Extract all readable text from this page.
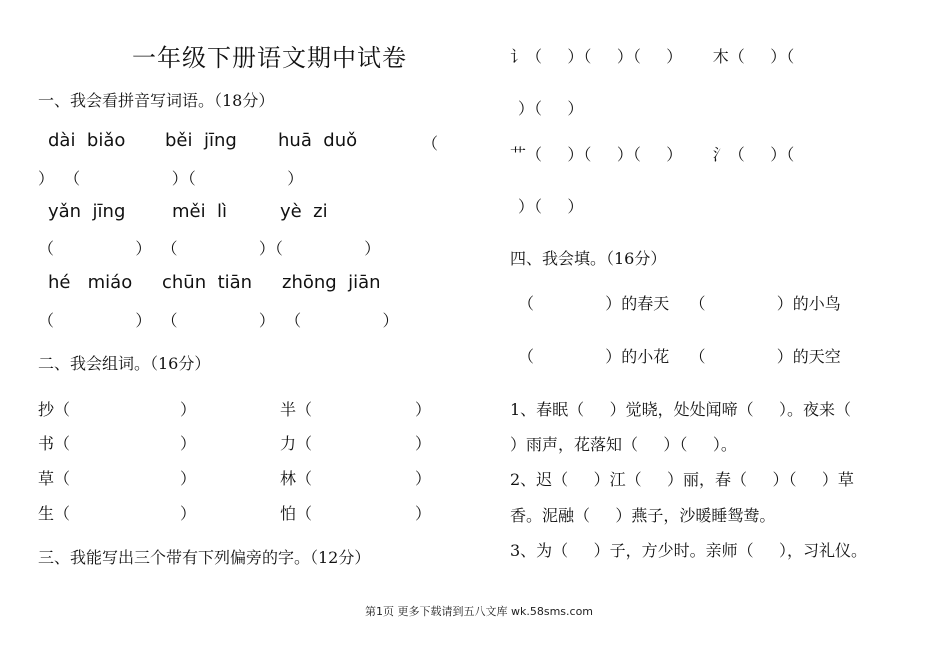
一年级下册语文期中试卷
一、我会看拼音写词语。（18分）
dài  biǎo běi  jīng huā  duǒ	（
）  （                  ）（                  ）
yǎn  jīng	měi  lì	yè  zi
（                ）  （                ）（                ）
hé   miáo chūn  tiān zhōng  jiān
（                ）  （                ）  （                ）
二、我会组词。（16分）
抄（	）	半（	）
书（	）	力（	）
草（	）	林（	）
生（	）	怕（	）
三、我能写出三个带有下列偏旁的字。（12分）
讠（     ）（     ）（     ）      木（     ）（
）（     ）
艹（     ）（     ）（     ）      氵（     ）（
）（     ）
四、我会填。（16分）
（              ）的春天    （              ）的小鸟
（              ）的小花    （              ）的天空
1、春眠（     ）觉晓，处处闻啼（     ）。夜来（
）雨声，花落知（     ）（     ）。
2、迟（     ）江（     ）丽，春（     ）（     ）草
香。泥融（     ）燕子，沙暖睡鸳鸯。
3、为（     ）子，方少时。亲师（     ），习礼仪。
第1页 更多下载请到五八文库 wk.58sms.com
